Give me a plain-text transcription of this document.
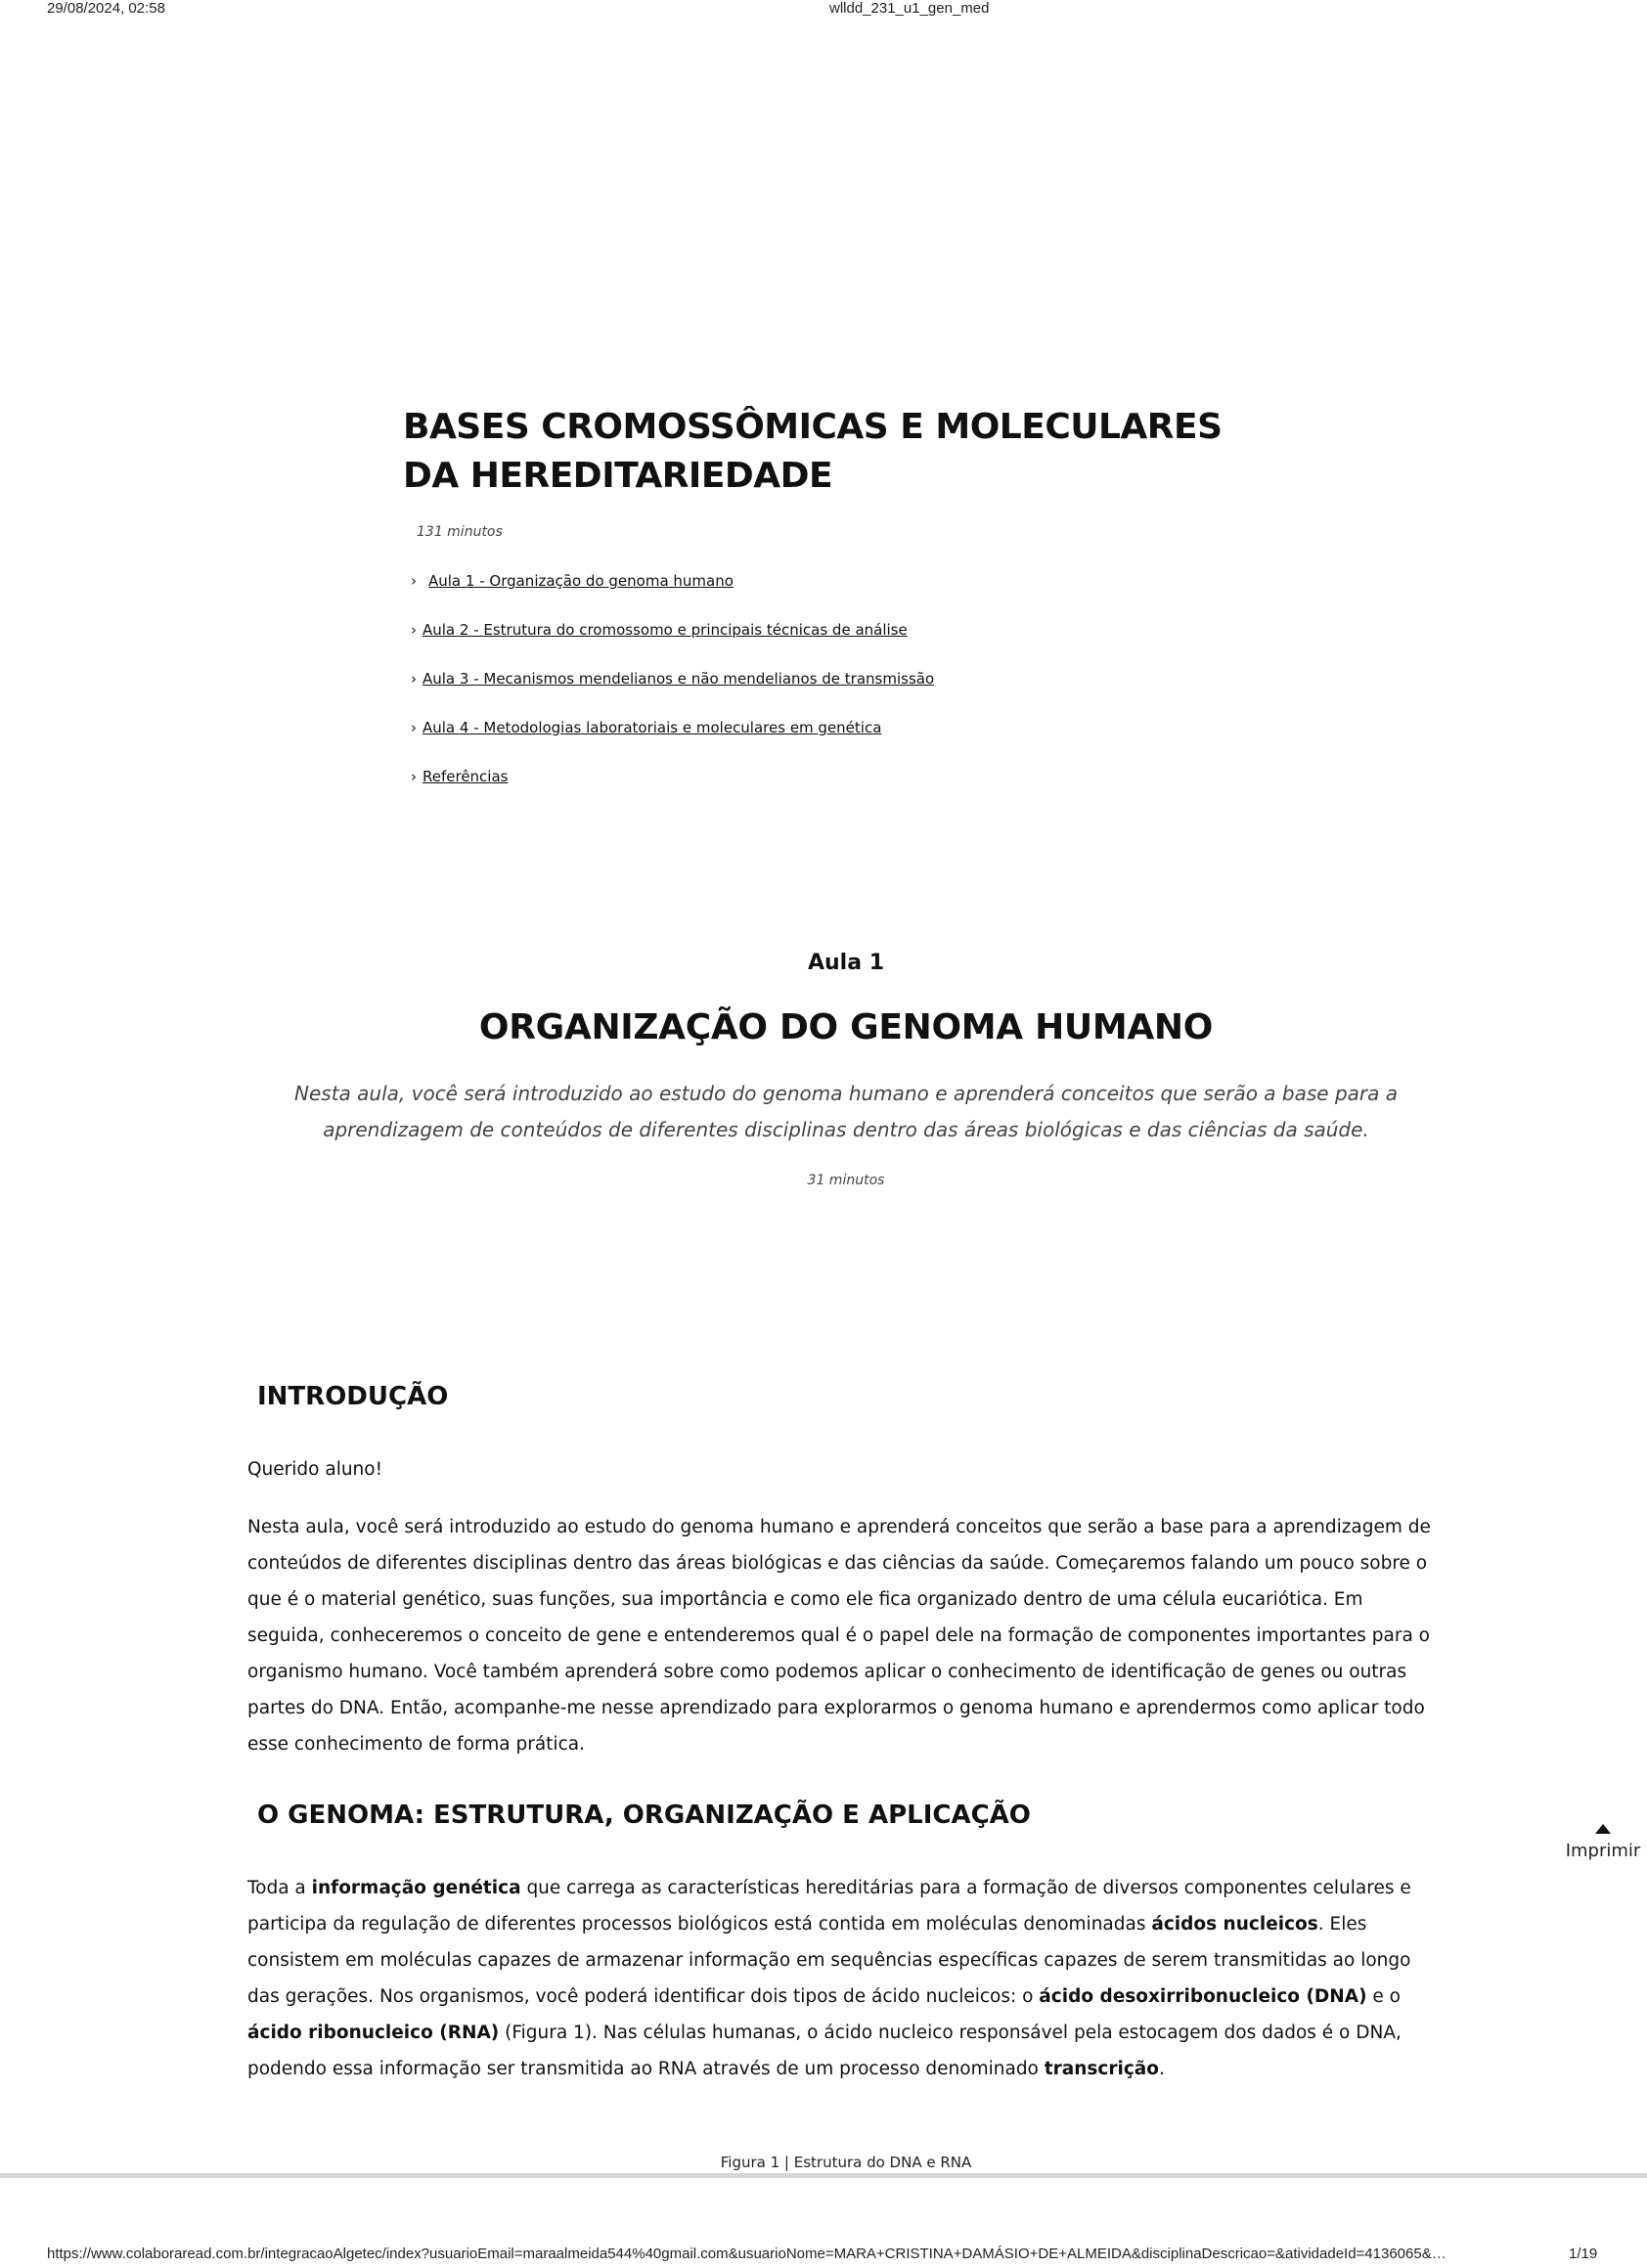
29/08/2024, 02:58	wlldd_231_u1_gen_med
BASES CROMOSSÔMICAS E MOLECULARES DA HEREDITARIEDADE
131 minutos
› Aula 1 - Organização do genoma humano
› Aula 2 - Estrutura do cromossomo e principais técnicas de análise
› Aula 3 - Mecanismos mendelianos e não mendelianos de transmissão
› Aula 4 - Metodologias laboratoriais e moleculares em genética
› Referências
Aula 1
ORGANIZAÇÃO DO GENOMA HUMANO

Nesta aula, você será introduzido ao estudo do genoma humano e aprenderá conceitos que serão a base para a aprendizagem de conteúdos de diferentes disciplinas dentro das áreas biológicas e das ciências da saúde.

31 minutos
INTRODUÇÃO

Querido aluno!

Nesta aula, você será introduzido ao estudo do genoma humano e aprenderá conceitos que serão a base para a aprendizagem de conteúdos de diferentes disciplinas dentro das áreas biológicas e das ciências da saúde. Começaremos falando um pouco sobre o que é o material genético, suas funções, sua importância e como ele fica organizado dentro de uma célula eucariótica. Em seguida, conheceremos o conceito de gene e entenderemos qual é o papel dele na formação de componentes importantes para o organismo humano. Você também aprenderá sobre como podemos aplicar o conhecimento de identificação de genes ou outras partes do DNA. Então, acompanhe-me nesse aprendizado para explorarmos o genoma humano e aprendermos como aplicar todo esse conhecimento de forma prática.

O GENOMA: ESTRUTURA, ORGANIZAÇÃO E APLICAÇÃO

Toda a informação genética que carrega as características hereditárias para a formação de diversos componentes celulares e participa da regulação de diferentes processos biológicos está contida em moléculas denominadas ácidos nucleicos. Eles consistem em moléculas capazes de armazenar informação em sequências específicas capazes de serem transmitidas ao longo das gerações. Nos organismos, você poderá identificar dois tipos de ácido nucleicos: o ácido desoxirribonucleico (DNA) e o ácido ribonucleico (RNA) (Figura 1). Nas células humanas, o ácido nucleico responsável pela estocagem dos dados é o DNA, podendo essa informação ser transmitida ao RNA através de um processo denominado transcrição.

Figura 1 | Estrutura do DNA e RNA
Imprimir
https://www.colaboraread.com.br/integracaoAlgetec/index?usuarioEmail=maraalmeida544%40gmail.com&usuarioNome=MARA+CRISTINA+DAMÁSIO+DE+ALMEIDA&disciplinaDescricao=&atividadeId=4136065&…	1/19
